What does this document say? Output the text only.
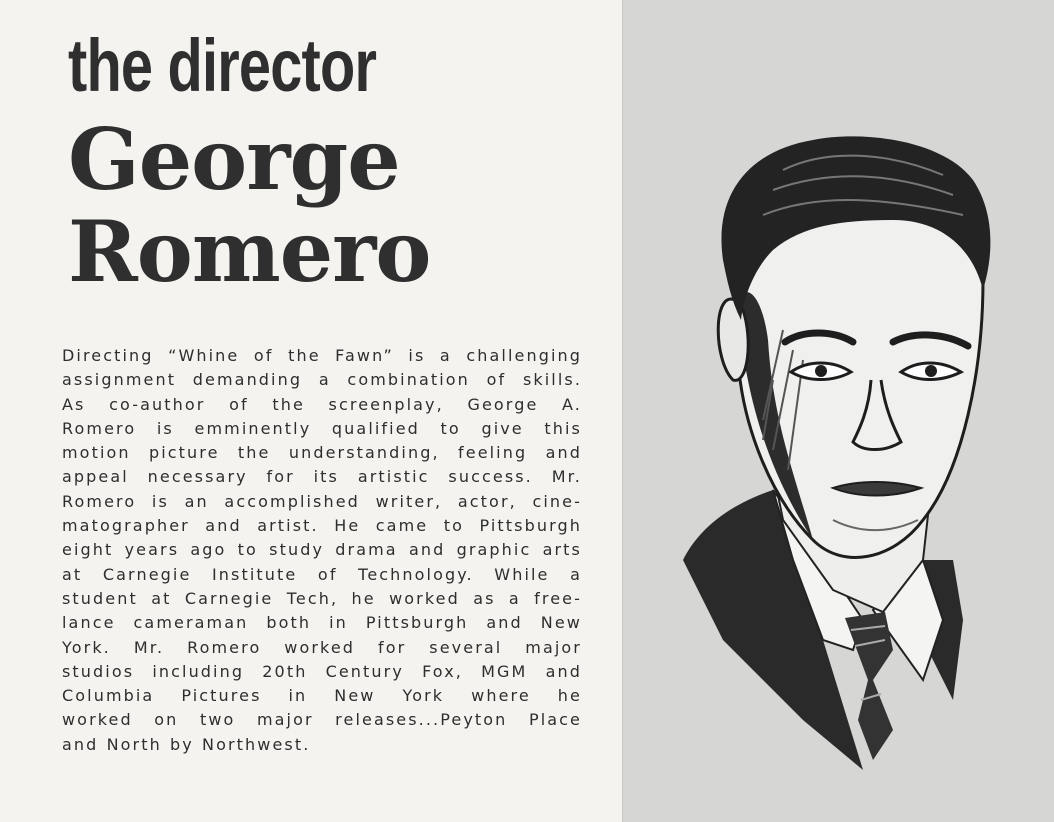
the director
George
Romero

Directing “Whine of the Fawn” is a challenging
assignment demanding a combination of skills.
As co-author of the screenplay, George A.
Romero is emminently qualified to give this
motion picture the understanding, feeling and
appeal necessary for its artistic success. Mr.
Romero is an accomplished writer, actor, cine-
matographer and artist. He came to Pittsburgh
eight years ago to study drama and graphic arts
at Carnegie Institute of Technology. While a
student at Carnegie Tech, he worked as a free-
lance cameraman both in Pittsburgh and New
York. Mr. Romero worked for several major
studios including 20th Century Fox, MGM and
Columbia Pictures in New York where he
worked on two major releases...Peyton Place
and North by Northwest.
